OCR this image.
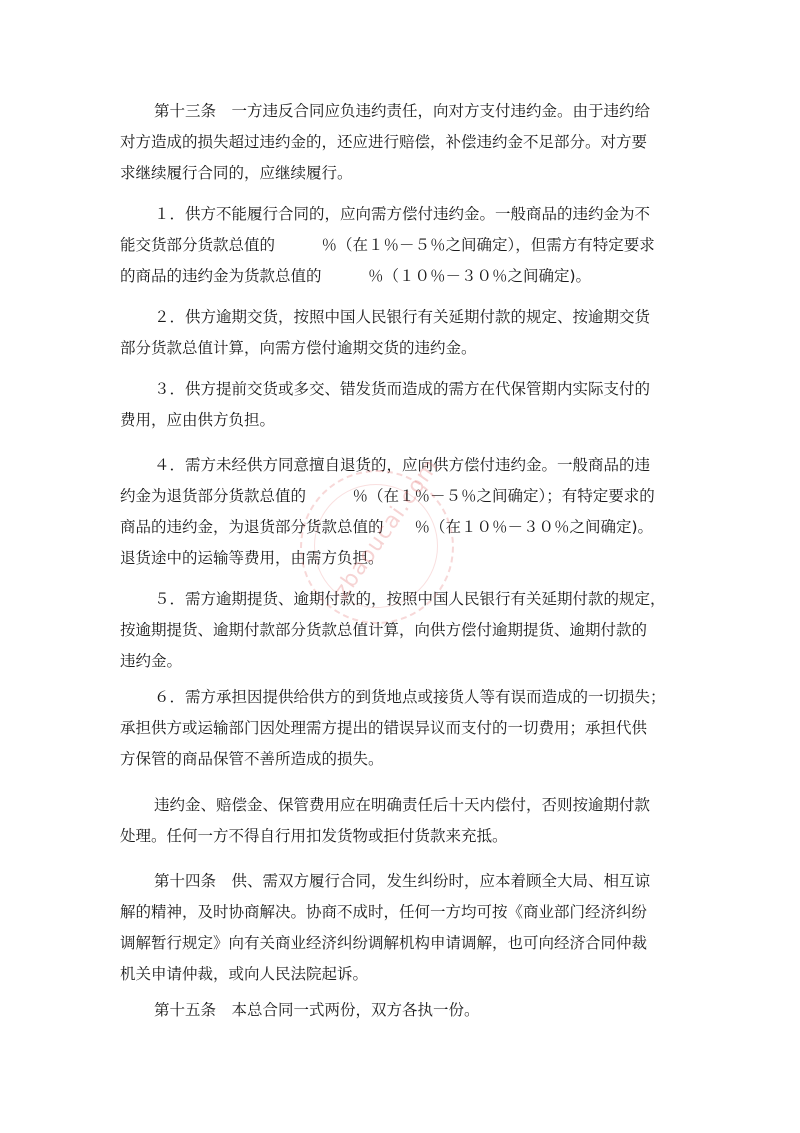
第十三条　一方违反合同应负违约责任，向对方支付违约金。由于违约给
对方造成的损失超过违约金的，还应进行赔偿，补偿违约金不足部分。对方要
求继续履行合同的，应继续履行。

１．供方不能履行合同的，应向需方偿付违约金。一般商品的违约金为不
能交货部分货款总值的　　　％（在１％－５％之间确定），但需方有特定要求
的商品的违约金为货款总值的　　　％（１０％－３０％之间确定)。

２．供方逾期交货，按照中国人民银行有关延期付款的规定、按逾期交货
部分货款总值计算，向需方偿付逾期交货的违约金。

３．供方提前交货或多交、错发货而造成的需方在代保管期内实际支付的
费用，应由供方负担。

４．需方未经供方同意擅自退货的，应向供方偿付违约金。一般商品的违
约金为退货部分货款总值的　　　％（在１％－５％之间确定）；有特定要求的
商品的违约金，为退货部分货款总值的　　％（在１０％－３０％之间确定)。
退货途中的运输等费用，由需方负担。

５．需方逾期提货、逾期付款的，按照中国人民银行有关延期付款的规定，
按逾期提货、逾期付款部分货款总值计算，向供方偿付逾期提货、逾期付款的
违约金。

６．需方承担因提供给供方的到货地点或接货人等有误而造成的一切损失；
承担供方或运输部门因处理需方提出的错误异议而支付的一切费用；承担代供
方保管的商品保管不善所造成的损失。

违约金、赔偿金、保管费用应在明确责任后十天内偿付，否则按逾期付款
处理。任何一方不得自行用扣发货物或拒付货款来充抵。

第十四条　供、需双方履行合同，发生纠纷时，应本着顾全大局、相互谅
解的精神，及时协商解决。协商不成时，任何一方均可按《商业部门经济纠纷
调解暂行规定》向有关商业经济纠纷调解机构申请调解，也可向经济合同仲裁
机关申请仲裁，或向人民法院起诉。

第十五条　本总合同一式两份，双方各执一份。

zbaoucai.com
